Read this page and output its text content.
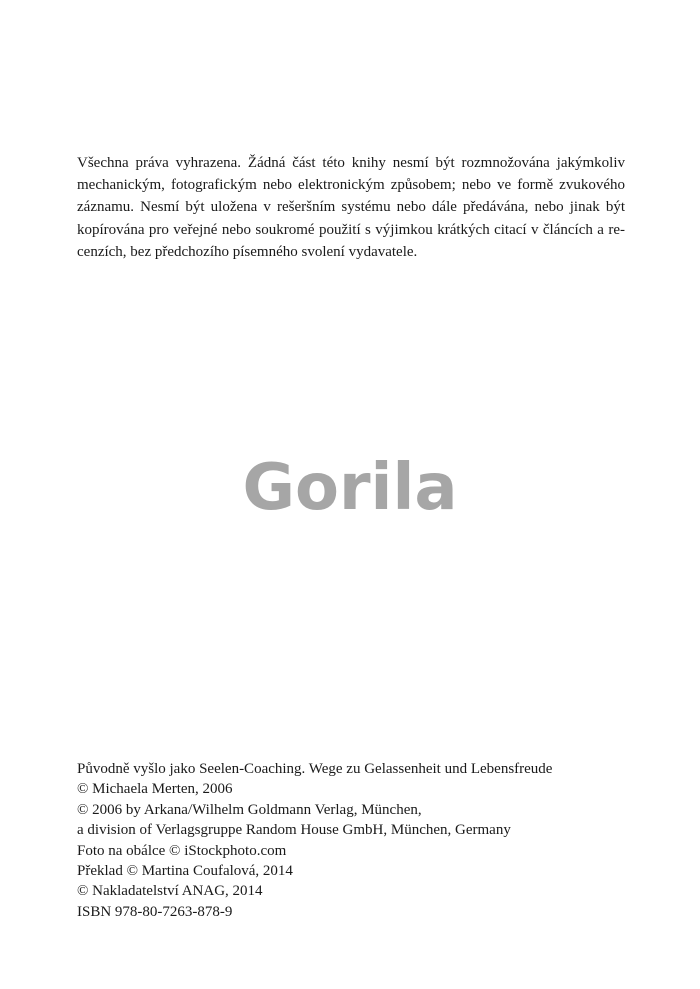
Všechna práva vyhrazena. Žádná část této knihy nesmí být rozmnožována jakýmkoliv
mechanickým, fotografickým nebo elektronickým způsobem; nebo ve formě zvukového
záznamu. Nesmí být uložena v rešeršním systému nebo dále předávána, nebo jinak být
kopírována pro veřejné nebo soukromé použití s výjimkou krátkých citací v článcích a re-
cenzích, bez předchozího písemného svolení vydavatele.
Gorila
Původně vyšlo jako Seelen-Coaching. Wege zu Gelassenheit und Lebensfreude
© Michaela Merten, 2006
© 2006 by Arkana/Wilhelm Goldmann Verlag, München,
a division of Verlagsgruppe Random House GmbH, München, Germany
Foto na obálce © iStockphoto.com
Překlad © Martina Coufalová, 2014
© Nakladatelství ANAG, 2014
ISBN 978-80-7263-878-9
